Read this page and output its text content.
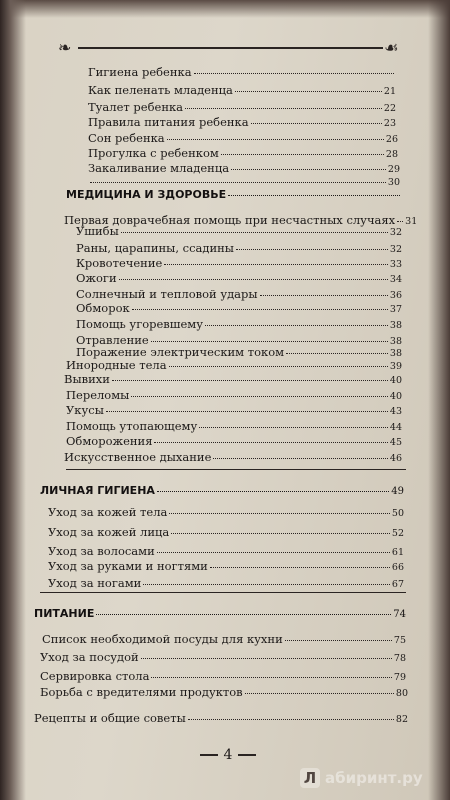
❧	☙
Гигиена ребенка
Как пеленать младенца	21
Туалет ребенка	22
Правила питания ребенка	23
Сон ребенка	26
Прогулка с ребенком	28
Закаливание младенца	29
30
МЕДИЦИНА И ЗДОРОВЬЕ
Первая доврачебная помощь при несчастных случаях 31
Ушибы	32
Раны, царапины, ссадины	32
Кровотечение	33
Ожоги	34
Солнечный и тепловой удары	36
Обморок	37
Помощь угоревшему	38
Отравление	38
Поражение электрическим током	38
Инородные тела	39
Вывихи	40
Переломы	40
Укусы	43
Помощь утопающему	44
Обморожения	45
Искусственное дыхание	46
ЛИЧНАЯ ГИГИЕНА	49
Уход за кожей тела	50
Уход за кожей лица	52
Уход за волосами	61
Уход за руками и ногтями	66
Уход за ногами	67
ПИТАНИЕ	74
Список необходимой посуды для кухни	75
Уход за посудой	78
Сервировка стола	79
Борьба с вредителями продуктов	80
Рецепты и общие советы	82
4
Л абиринт.ру
